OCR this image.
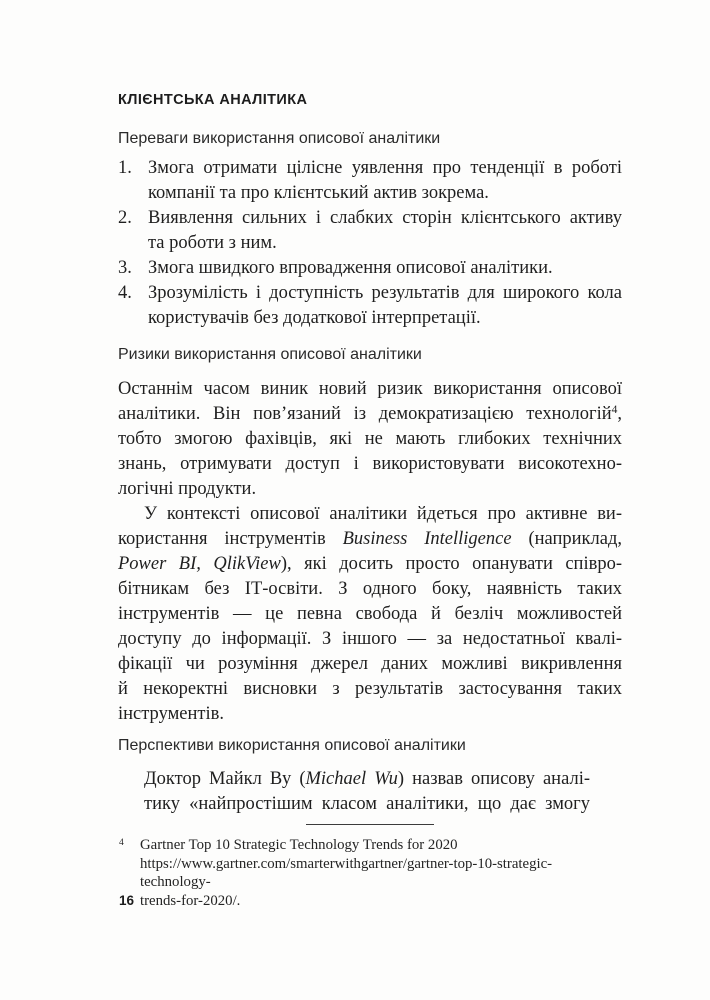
КЛІЄНТСЬКА АНАЛІТИКА
Переваги використання описової аналітики
1. Змога отримати цілісне уявлення про тенденції в роботі
компанії та про клієнтський актив зокрема.
2. Виявлення сильних і слабких сторін клієнтського активу
та роботи з ним.
3. Змога швидкого впровадження описової аналітики.
4. Зрозумілість і доступність результатів для широкого кола
користувачів без додаткової інтерпретації.
Ризики використання описової аналітики
Останнім часом виник новий ризик використання описової
аналітики. Він пов’язаний із демократизацією технологій$^4$,
тобто змогою фахівців, які не мають глибоких технічних
знань, отримувати доступ і використовувати високотехно-
логічні продукти.
У контексті описової аналітики йдеться про активне ви-
користання інструментів Business Intelligence (наприклад,
Power BI, QlikView), які досить просто опанувати співро-
бітникам без ІТ-освіти. З одного боку, наявність таких
інструментів — це певна свобода й безліч можливостей
доступу до інформації. З іншого — за недостатньої квалі-
фікації чи розуміння джерел даних можливі викривлення
й некоректні висновки з результатів застосування таких
інструментів.
Перспективи використання описової аналітики
Доктор Майкл Ву (Michael Wu) назвав описову аналі-
тику «найпростішим класом аналітики, що дає змогу
4 Gartner Top 10 Strategic Technology Trends for 2020
https://www.gartner.com/smarterwithgartner/gartner-top-10-strategic-technology-
trends-for-2020/.
16
